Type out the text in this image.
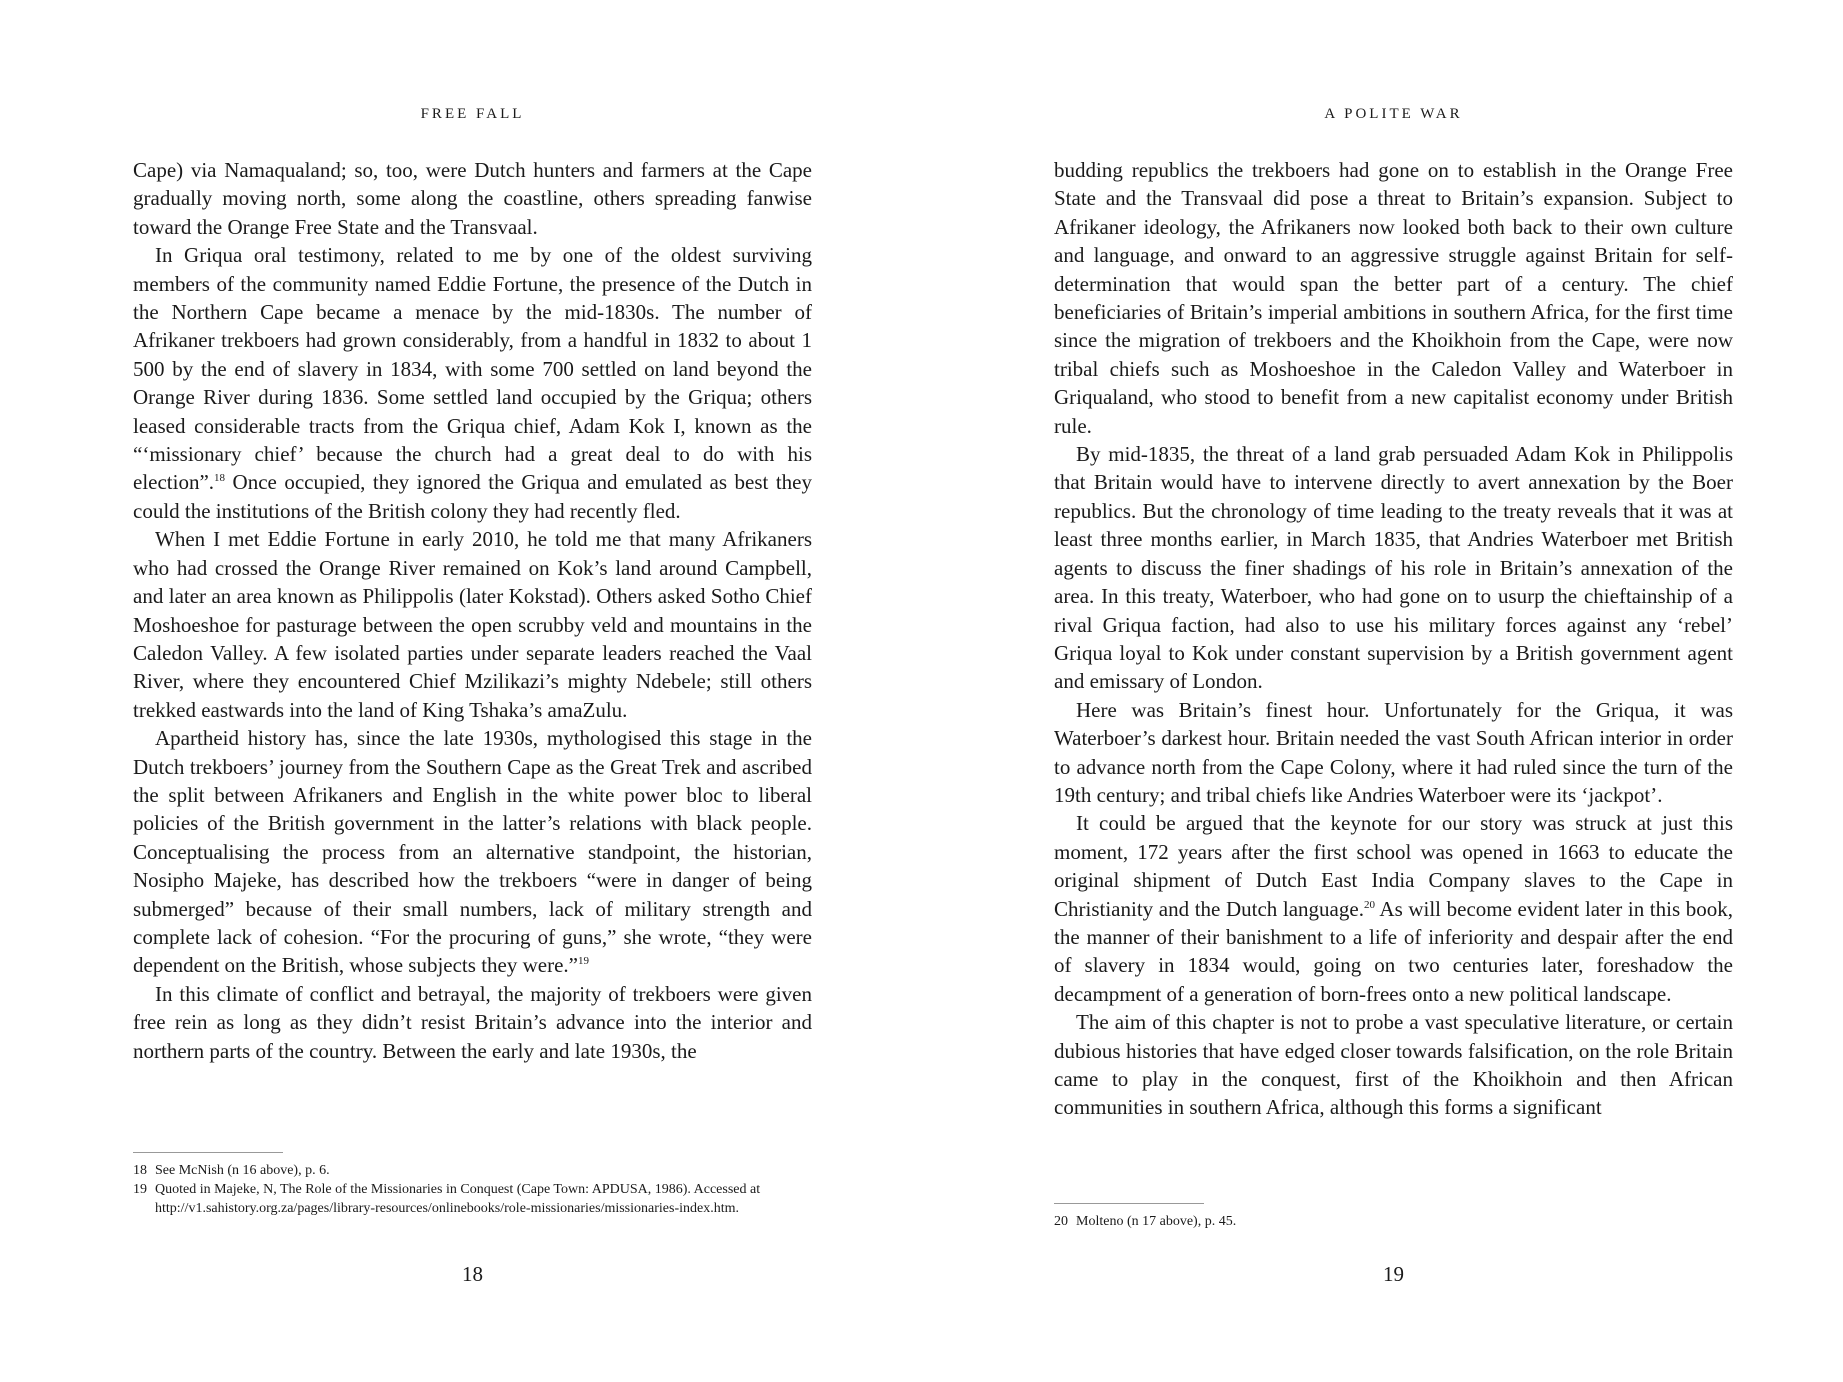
FREE FALL

Cape) via Namaqualand; so, too, were Dutch hunters and farmers at the Cape gradually moving north, some along the coastline, others spreading fanwise toward the Orange Free State and the Transvaal.

In Griqua oral testimony, related to me by one of the oldest surviving members of the community named Eddie Fortune, the presence of the Dutch in the Northern Cape became a menace by the mid-1830s. The number of Afrikaner trekboers had grown considerably, from a handful in 1832 to about 1 500 by the end of slavery in 1834, with some 700 settled on land beyond the Orange River during 1836. Some settled land occupied by the Griqua; others leased considerable tracts from the Griqua chief, Adam Kok I, known as the “‘missionary chief’ because the church had a great deal to do with his election”.$^{18}$ Once occupied, they ignored the Griqua and emulated as best they could the institutions of the British colony they had recently fled.

When I met Eddie Fortune in early 2010, he told me that many Afrikaners who had crossed the Orange River remained on Kok’s land around Campbell, and later an area known as Philippolis (later Kokstad). Others asked Sotho Chief Moshoeshoe for pasturage between the open scrubby veld and mountains in the Caledon Valley. A few isolated parties under separate leaders reached the Vaal River, where they encountered Chief Mzilikazi’s mighty Ndebele; still others trekked eastwards into the land of King Tshaka’s amaZulu.

Apartheid history has, since the late 1930s, mythologised this stage in the Dutch trekboers’ journey from the Southern Cape as the Great Trek and ascribed the split between Afrikaners and English in the white power bloc to liberal policies of the British government in the latter’s relations with black people. Conceptualising the process from an alternative standpoint, the historian, Nosipho Majeke, has described how the trekboers “were in danger of being submerged” because of their small numbers, lack of military strength and complete lack of cohesion. “For the procuring of guns,” she wrote, “they were dependent on the British, whose subjects they were.”$^{19}$

In this climate of conflict and betrayal, the majority of trekboers were given free rein as long as they didn’t resist Britain’s advance into the interior and northern parts of the country. Between the early and late 1930s, the

18 See McNish (n 16 above), p. 6.
19 Quoted in Majeke, N, The Role of the Missionaries in Conquest (Cape Town: APDUSA, 1986). Accessed at http://v1.sahistory.org.za/pages/library-resources/onlinebooks/role-missionaries/missionaries-index.htm.
18
A POLITE WAR

budding republics the trekboers had gone on to establish in the Orange Free State and the Transvaal did pose a threat to Britain’s expansion. Subject to Afrikaner ideology, the Afrikaners now looked both back to their own culture and language, and onward to an aggressive struggle against Britain for self-determination that would span the better part of a century. The chief beneficiaries of Britain’s imperial ambitions in southern Africa, for the first time since the migration of trekboers and the Khoikhoin from the Cape, were now tribal chiefs such as Moshoeshoe in the Caledon Valley and Waterboer in Griqualand, who stood to benefit from a new capitalist economy under British rule.

By mid-1835, the threat of a land grab persuaded Adam Kok in Philippolis that Britain would have to intervene directly to avert annexation by the Boer republics. But the chronology of time leading to the treaty reveals that it was at least three months earlier, in March 1835, that Andries Waterboer met British agents to discuss the finer shadings of his role in Britain’s annexation of the area. In this treaty, Waterboer, who had gone on to usurp the chieftainship of a rival Griqua faction, had also to use his military forces against any ‘rebel’ Griqua loyal to Kok under constant supervision by a British government agent and emissary of London.

Here was Britain’s finest hour. Unfortunately for the Griqua, it was Waterboer’s darkest hour. Britain needed the vast South African interior in order to advance north from the Cape Colony, where it had ruled since the turn of the 19th century; and tribal chiefs like Andries Waterboer were its ‘jackpot’.

It could be argued that the keynote for our story was struck at just this moment, 172 years after the first school was opened in 1663 to educate the original shipment of Dutch East India Company slaves to the Cape in Christianity and the Dutch language.$^{20}$ As will become evident later in this book, the manner of their banishment to a life of inferiority and despair after the end of slavery in 1834 would, going on two centuries later, foreshadow the decampment of a generation of born-frees onto a new political landscape.

The aim of this chapter is not to probe a vast speculative literature, or certain dubious histories that have edged closer towards falsification, on the role Britain came to play in the conquest, first of the Khoikhoin and then African communities in southern Africa, although this forms a significant

20 Molteno (n 17 above), p. 45.
19
